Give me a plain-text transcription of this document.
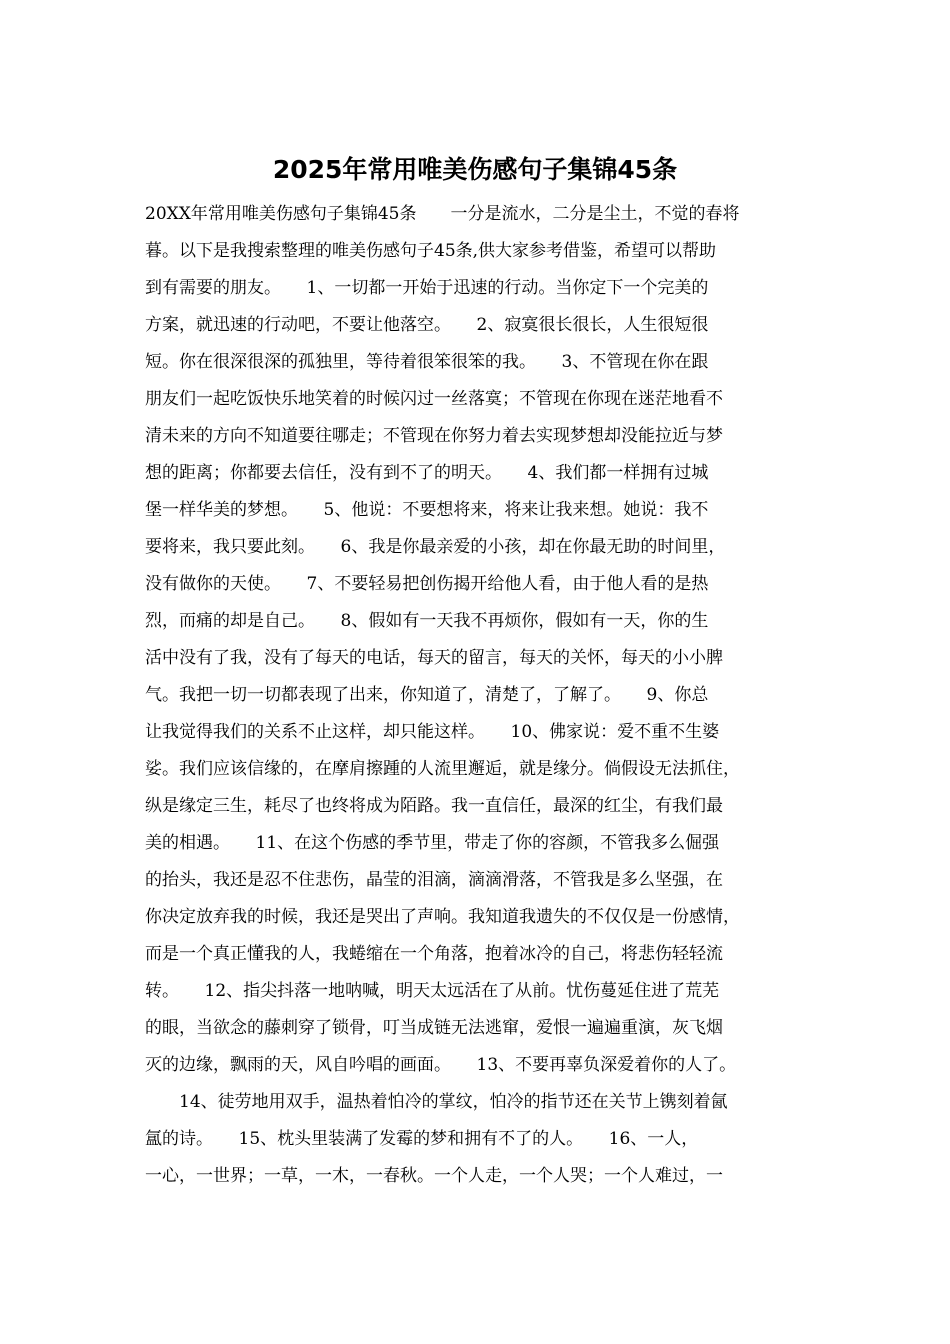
2025年常用唯美伤感句子集锦45条
20XX年常用唯美伤感句子集锦45条　　一分是流水，二分是尘土，不觉的春将
暮。以下是我搜索整理的唯美伤感句子45条,供大家参考借鉴，希望可以帮助
到有需要的朋友。　　1、一切都一开始于迅速的行动。当你定下一个完美的
方案，就迅速的行动吧，不要让他落空。　　2、寂寞很长很长，人生很短很
短。你在很深很深的孤独里，等待着很笨很笨的我。　　3、不管现在你在跟
朋友们一起吃饭快乐地笑着的时候闪过一丝落寞；不管现在你现在迷茫地看不
清未来的方向不知道要往哪走；不管现在你努力着去实现梦想却没能拉近与梦
想的距离；你都要去信任，没有到不了的明天。　　4、我们都一样拥有过城
堡一样华美的梦想。　　5、他说：不要想将来，将来让我来想。她说：我不
要将来，我只要此刻。　　6、我是你最亲爱的小孩，却在你最无助的时间里，
没有做你的天使。　　7、不要轻易把创伤揭开给他人看，由于他人看的是热
烈，而痛的却是自己。　　8、假如有一天我不再烦你，假如有一天，你的生
活中没有了我，没有了每天的电话，每天的留言，每天的关怀，每天的小小脾
气。我把一切一切都表现了出来，你知道了，清楚了，了解了。　　9、你总
让我觉得我们的关系不止这样，却只能这样。　　10、佛家说：爱不重不生婆
娑。我们应该信缘的，在摩肩擦踵的人流里邂逅，就是缘分。倘假设无法抓住，
纵是缘定三生，耗尽了也终将成为陌路。我一直信任，最深的红尘，有我们最
美的相遇。　　11、在这个伤感的季节里，带走了你的容颜，不管我多么倔强
的抬头，我还是忍不住悲伤，晶莹的泪滴，滴滴滑落，不管我是多么坚强，在
你决定放弃我的时候，我还是哭出了声响。我知道我遗失的不仅仅是一份感情，
而是一个真正懂我的人，我蜷缩在一个角落，抱着冰冷的自己，将悲伤轻轻流
转。　　12、指尖抖落一地呐喊，明天太远活在了从前。忧伤蔓延住进了荒芜
的眼，当欲念的藤刺穿了锁骨，叮当成链无法逃窜，爱恨一遍遍重演，灰飞烟
灭的边缘，飘雨的天，风自吟唱的画面。　　13、不要再辜负深爱着你的人了。
　　14、徒劳地用双手，温热着怕冷的掌纹，怕冷的指节还在关节上镌刻着氤
氲的诗。　　15、枕头里装满了发霉的梦和拥有不了的人。　　16、一人，
一心，一世界；一草，一木，一春秋。一个人走，一个人哭；一个人难过，一
